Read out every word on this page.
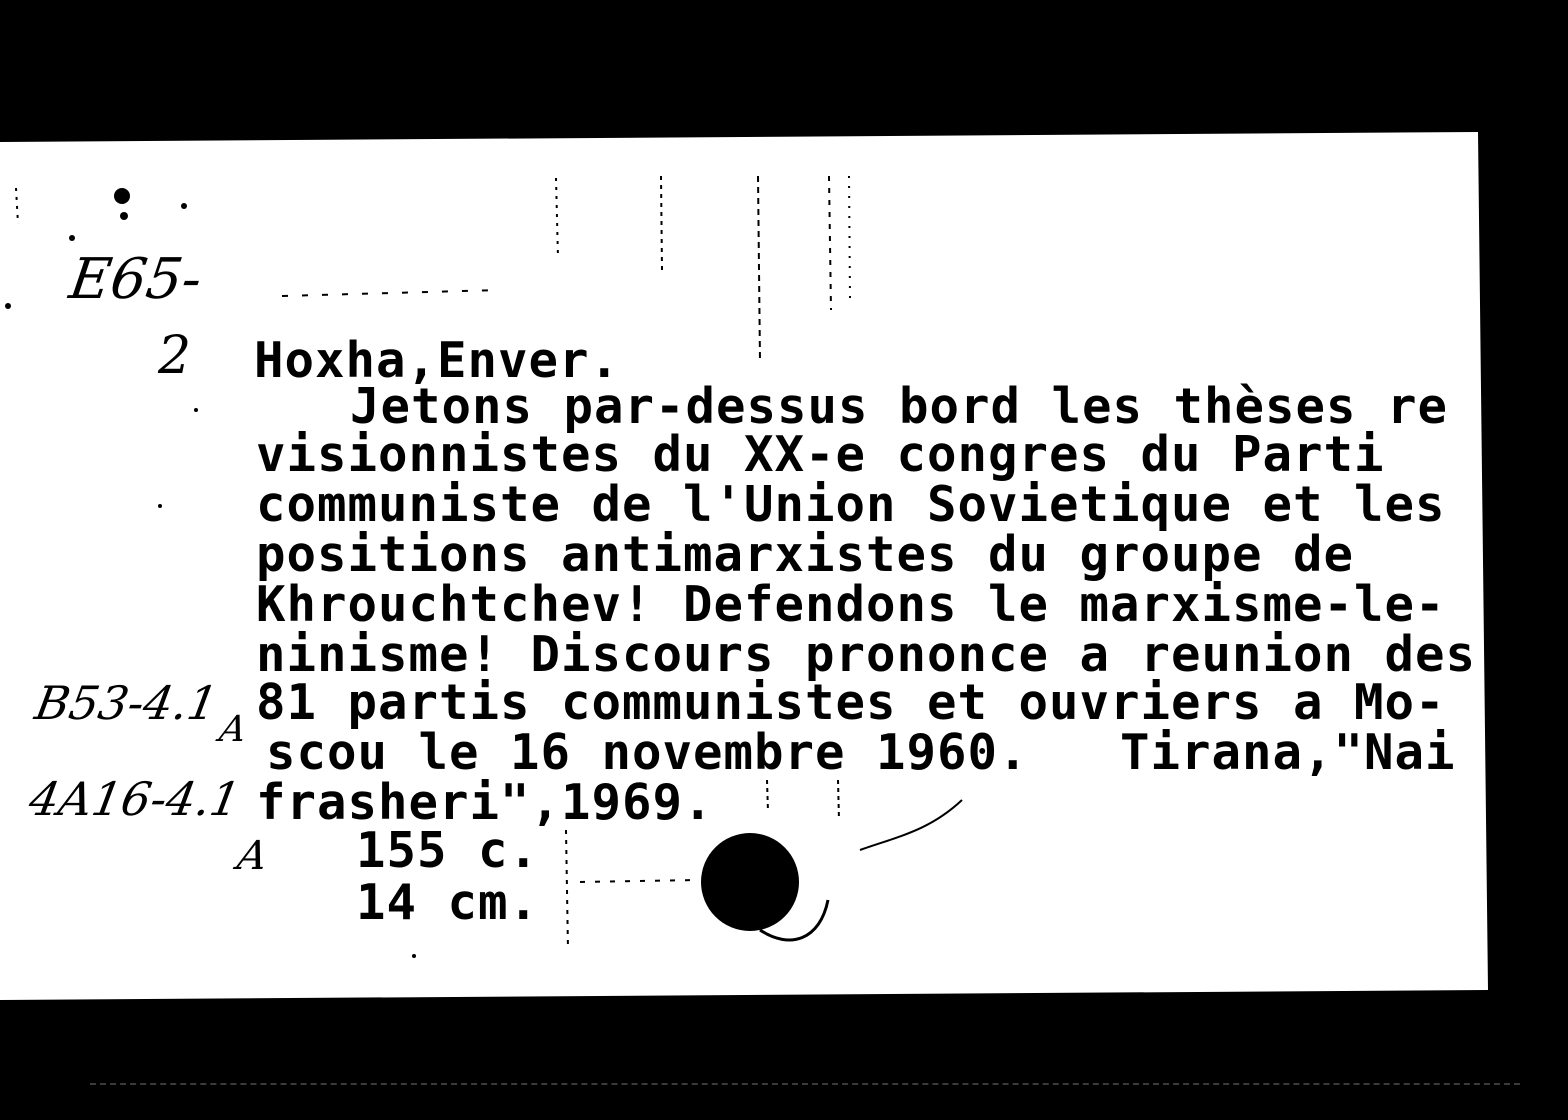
E65-
2 Hoxha,Enver.
Jetons par-dessus bord les thèses re
visionnistes du XX-e congres du Parti
communiste de l'Union Sovietique et les
positions antimarxistes du groupe de
Khrouchtchev! Defendons le marxisme-le-
ninisme! Discours prononce a reunion des
81 partis communistes et ouvriers a Mo-
scou le 16 novembre 1960.   Tirana,"Nai
frasheri",1969.
155 c.
14 cm.
B53-4.1
A
4A16-4.1
A
